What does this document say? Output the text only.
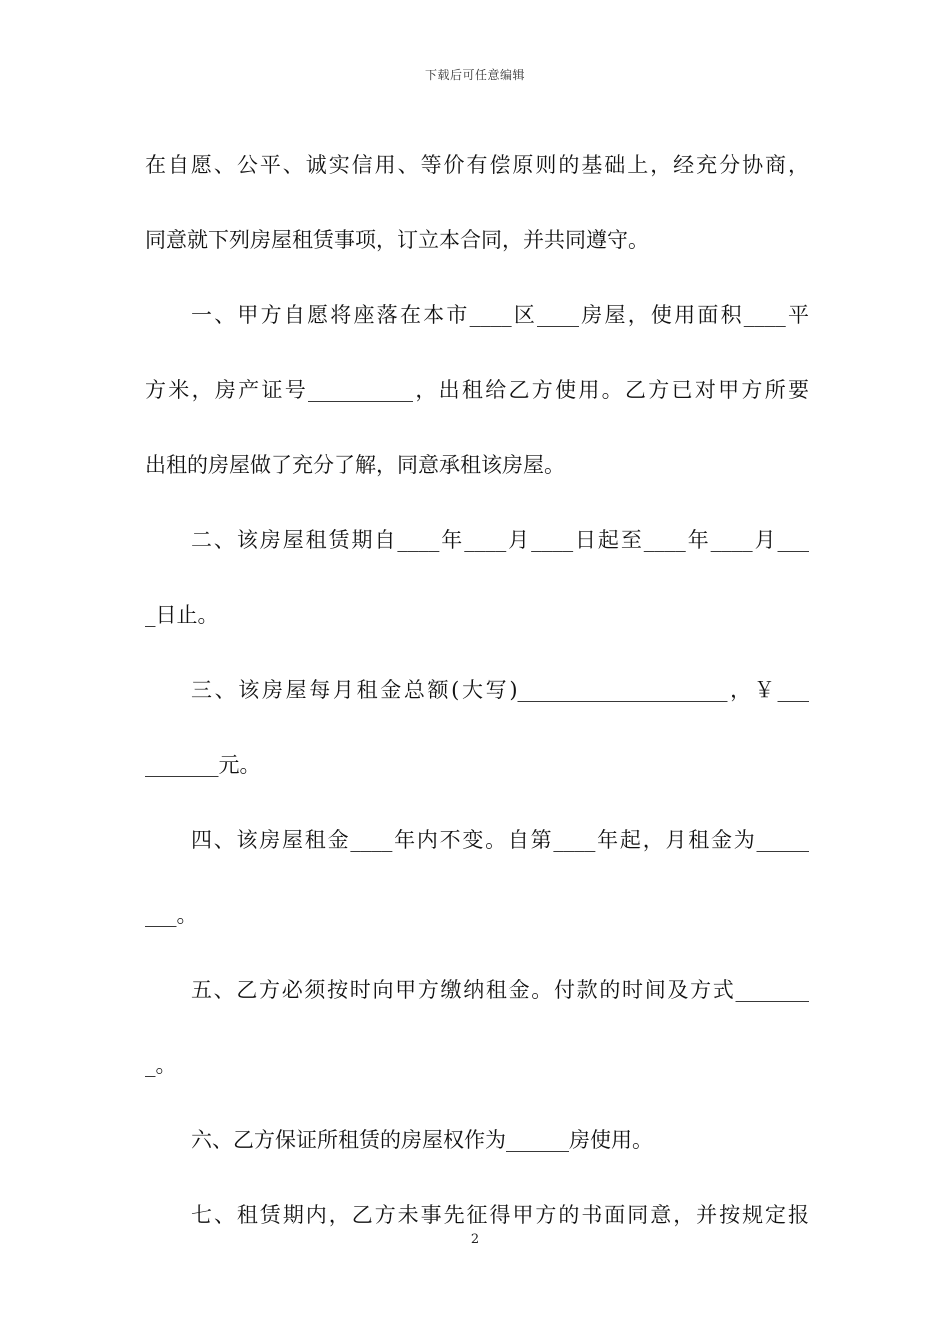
下载后可任意编辑
在自愿、公平、诚实信用、等价有偿原则的基础上，经充分协商，
同意就下列房屋租赁事项，订立本合同，并共同遵守。
一、甲方自愿将座落在本市____区____房屋，使用面积____平
方米，房产证号__________，出租给乙方使用。乙方已对甲方所要
出租的房屋做了充分了解，同意承租该房屋。
二、该房屋租赁期自____年____月____日起至____年____月___
_日止。
三、该房屋每月租金总额(大写)____________________，￥___
_______元。
四、该房屋租金____年内不变。自第____年起，月租金为_____
___。
五、乙方必须按时向甲方缴纳租金。付款的时间及方式_______
_。
六、乙方保证所租赁的房屋权作为______房使用。
七、租赁期内，乙方未事先征得甲方的书面同意，并按规定报
2
